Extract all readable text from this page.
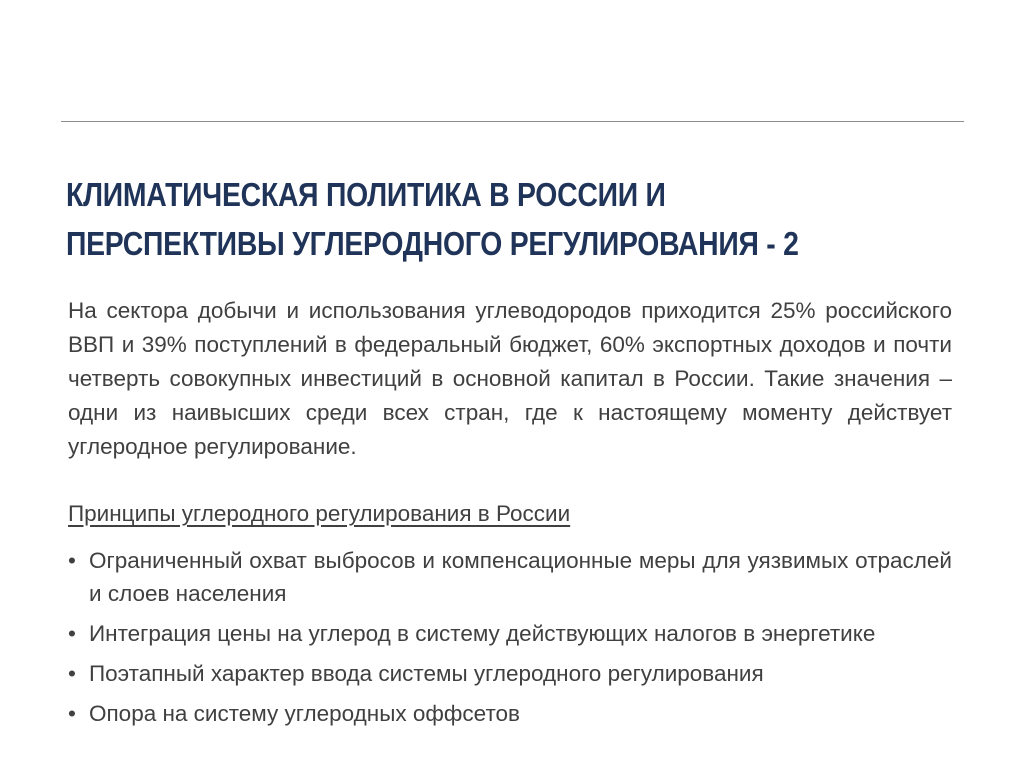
КЛИМАТИЧЕСКАЯ ПОЛИТИКА В РОССИИ И
ПЕРСПЕКТИВЫ УГЛЕРОДНОГО РЕГУЛИРОВАНИЯ - 2

На сектора добычи и использования углеводородов приходится 25% российского ВВП и 39% поступлений в федеральный бюджет, 60% экспортных доходов и почти четверть совокупных инвестиций в основной капитал в России. Такие значения – одни из наивысших среди всех стран, где к настоящему моменту действует углеродное регулирование.

Принципы углеродного регулирования в России

• Ограниченный охват выбросов и компенсационные меры для уязвимых отраслей и слоев населения
• Интеграция цены на углерод в систему действующих налогов в энергетике
• Поэтапный характер ввода системы углеродного регулирования
• Опора на систему углеродных оффсетов
